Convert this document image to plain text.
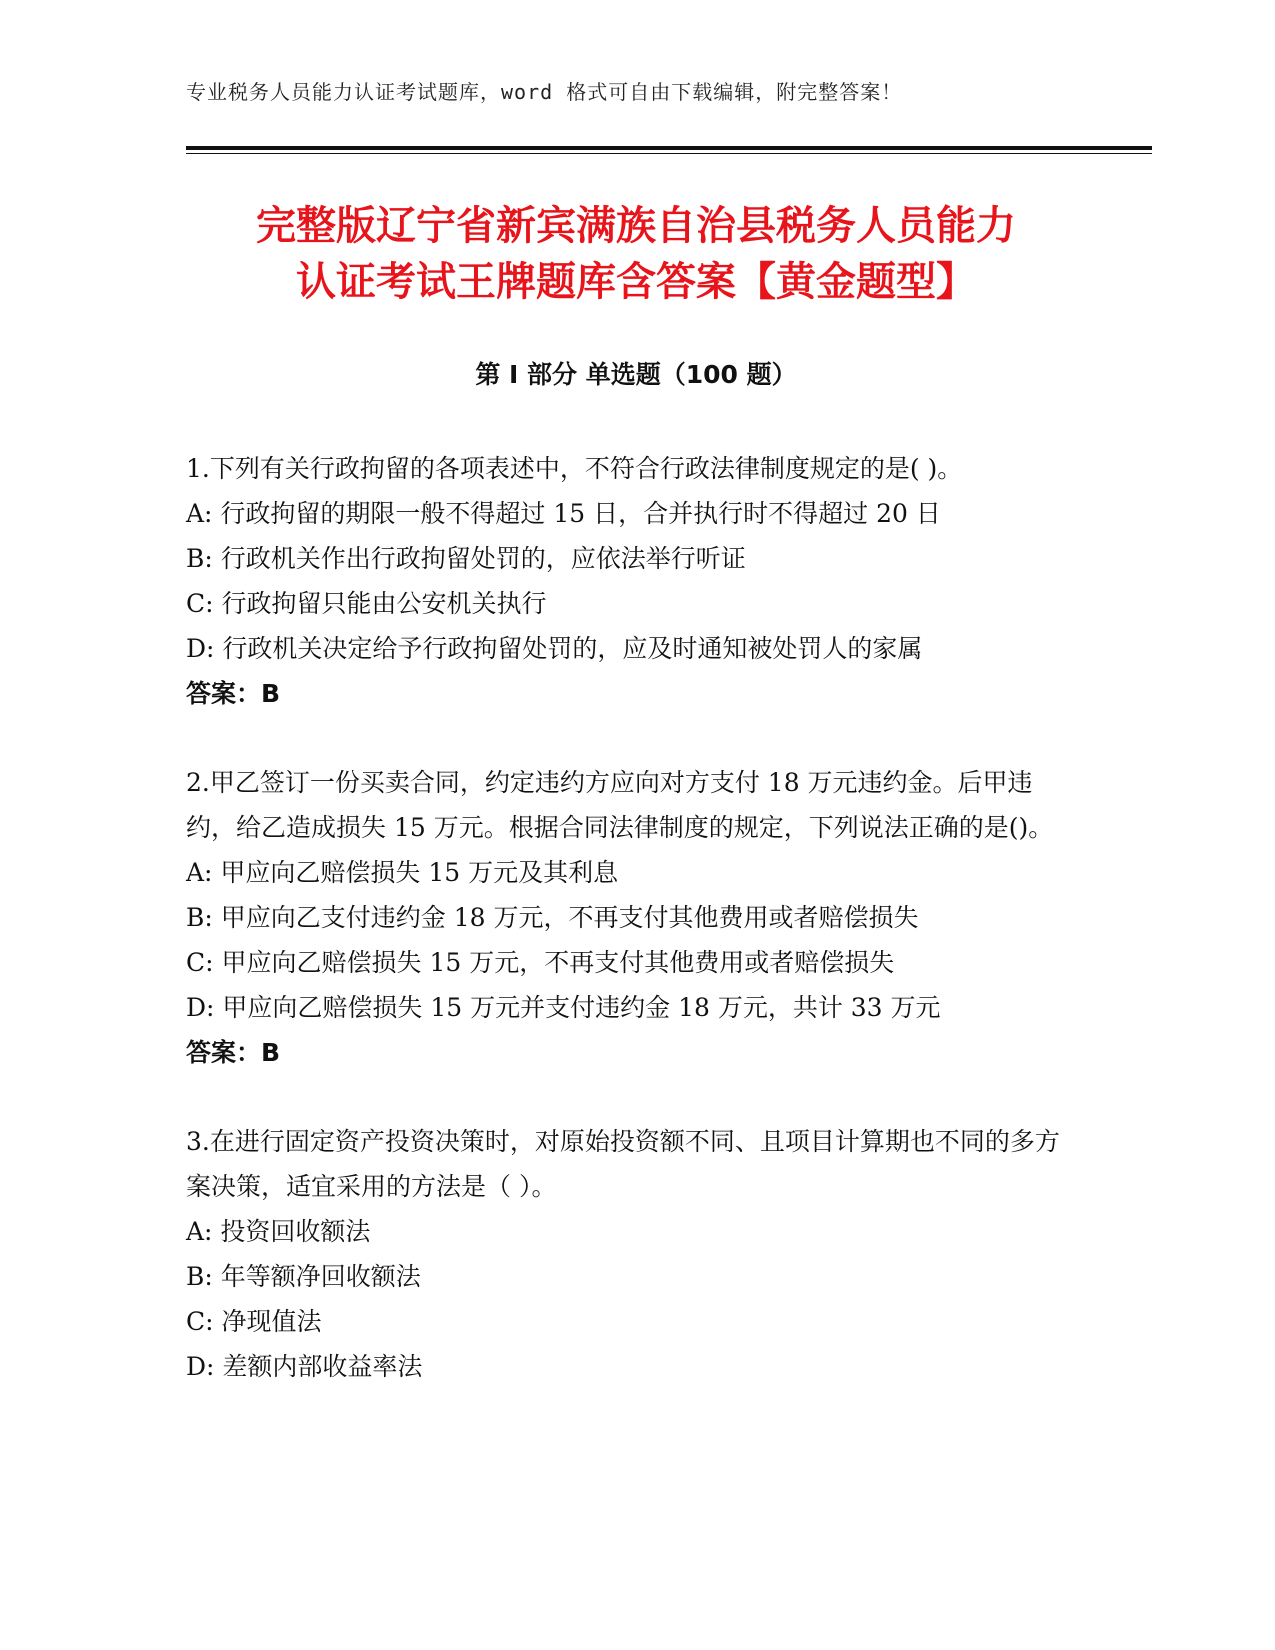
专业税务人员能力认证考试题库，word 格式可自由下载编辑，附完整答案！
完整版辽宁省新宾满族自治县税务人员能力
认证考试王牌题库含答案【黄金题型】
第 I 部分 单选题（100 题）

1.下列有关行政拘留的各项表述中，不符合行政法律制度规定的是( )。

A: 行政拘留的期限一般不得超过 15 日，合并执行时不得超过 20 日

B: 行政机关作出行政拘留处罚的，应依法举行听证

C: 行政拘留只能由公安机关执行

D: 行政机关决定给予行政拘留处罚的，应及时通知被处罚人的家属

答案：B

2.甲乙签订一份买卖合同，约定违约方应向对方支付 18 万元违约金。后甲违约，给乙造成损失 15 万元。根据合同法律制度的规定，下列说法正确的是()。

A: 甲应向乙赔偿损失 15 万元及其利息

B: 甲应向乙支付违约金 18 万元，不再支付其他费用或者赔偿损失

C: 甲应向乙赔偿损失 15 万元，不再支付其他费用或者赔偿损失

D: 甲应向乙赔偿损失 15 万元并支付违约金 18 万元，共计 33 万元

答案：B

3.在进行固定资产投资决策时，对原始投资额不同、且项目计算期也不同的多方案决策，适宜采用的方法是（ ）。

A: 投资回收额法

B: 年等额净回收额法

C: 净现值法

D: 差额内部收益率法
